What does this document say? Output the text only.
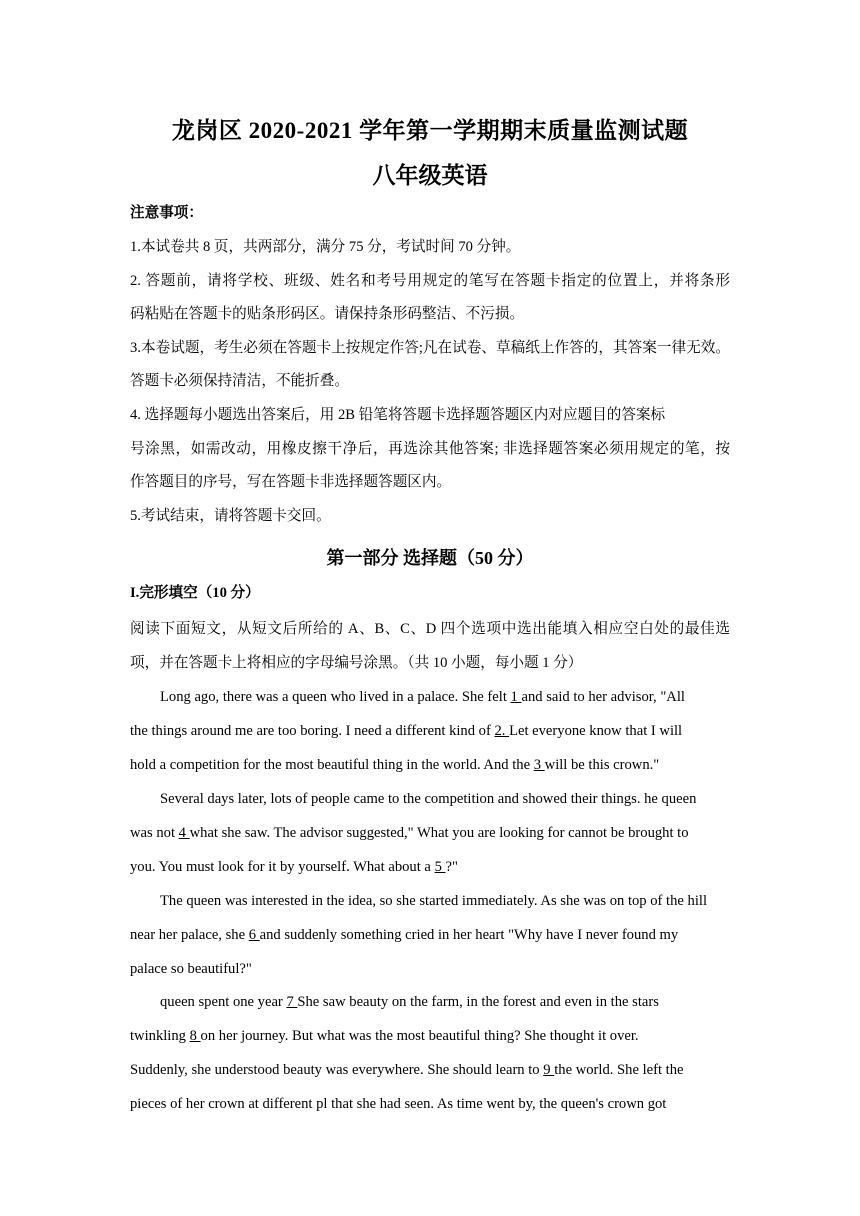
龙岗区 2020-2021 学年第一学期期末质量监测试题
八年级英语
注意事项：
1.本试卷共 8 页，共两部分，满分 75 分，考试时间 70 分钟。
2. 答题前，请将学校、班级、姓名和考号用规定的笔写在答题卡指定的位置上，并将条形
码粘贴在答题卡的贴条形码区。请保持条形码整洁、不污损。
3.本卷试题，考生必须在答题卡上按规定作答;凡在试卷、草稿纸上作答的，其答案一律无效。
答题卡必须保持清洁，不能折叠。
4. 选择题每小题选出答案后，用 2B 铅笔将答题卡选择题答题区内对应题目的答案标
号涂黑，如需改动，用橡皮擦干净后，再选涂其他答案; 非选择题答案必须用规定的笔，按
作答题目的序号，写在答题卡非选择题答题区内。
5.考试结束，请将答题卡交回。
第一部分 选择题（50 分）
I.完形填空（10 分）
阅读下面短文，从短文后所给的 A、B、C、D 四个选项中选出能填入相应空白处的最佳选
项，并在答题卡上将相应的字母编号涂黑。（共 10 小题，每小题 1 分）
Long ago, there was a queen who lived in a palace. She felt 1 and said to her advisor, "All
the things around me are too boring. I need a different kind of 2. Let everyone know that I will
hold a competition for the most beautiful thing in the world. And the 3 will be this crown."
Several days later, lots of people came to the competition and showed their things. he queen
was not 4 what she saw. The advisor suggested," What you are looking for cannot be brought to
you. You must look for it by yourself. What about a 5 ?"
The queen was interested in the idea, so she started immediately. As she was on top of the hill
near her palace, she 6 and suddenly something cried in her heart "Why have I never found my
palace so beautiful?"
queen spent one year 7 She saw beauty on the farm, in the forest and even in the stars
twinkling 8 on her journey. But what was the most beautiful thing? She thought it over.
Suddenly, she understood beauty was everywhere. She should learn to 9 the world. She left the
pieces of her crown at different pl that she had seen. As time went by, the queen's crown got
